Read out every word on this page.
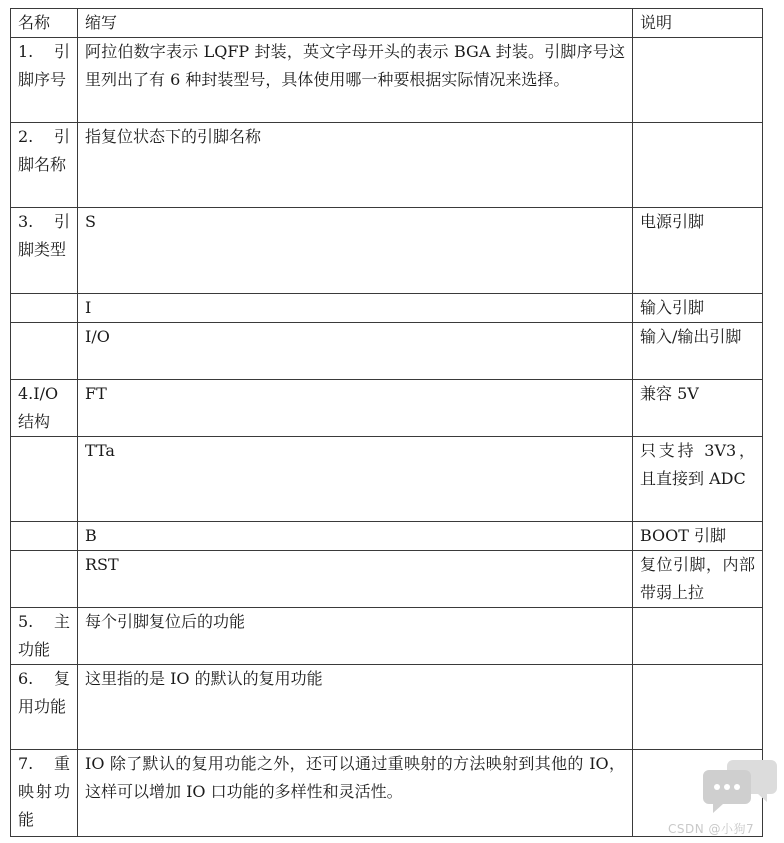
名称	缩写	说明
1. 引脚序号	阿拉伯数字表示 LQFP 封装，英文字母开头的表示 BGA 封装。引脚序号这里列出了有 6 种封装型号，具体使用哪一种要根据实际情况来选择。	
2. 引脚名称	指复位状态下的引脚名称	
3. 引脚类型	S	电源引脚
	I	输入引脚
	I/O	输入/输出引脚
4.I/O结构	FT	兼容 5V
	TTa	只支持 3V3，且直接到 ADC
	B	BOOT 引脚
	RST	复位引脚，内部带弱上拉
5. 主功能	每个引脚复位后的功能	
6. 复用功能	这里指的是 IO 的默认的复用功能	
7. 重映射功能	IO 除了默认的复用功能之外，还可以通过重映射的方法映射到其他的 IO，这样可以增加 IO 口功能的多样性和灵活性。	
CSDN @小狗7
